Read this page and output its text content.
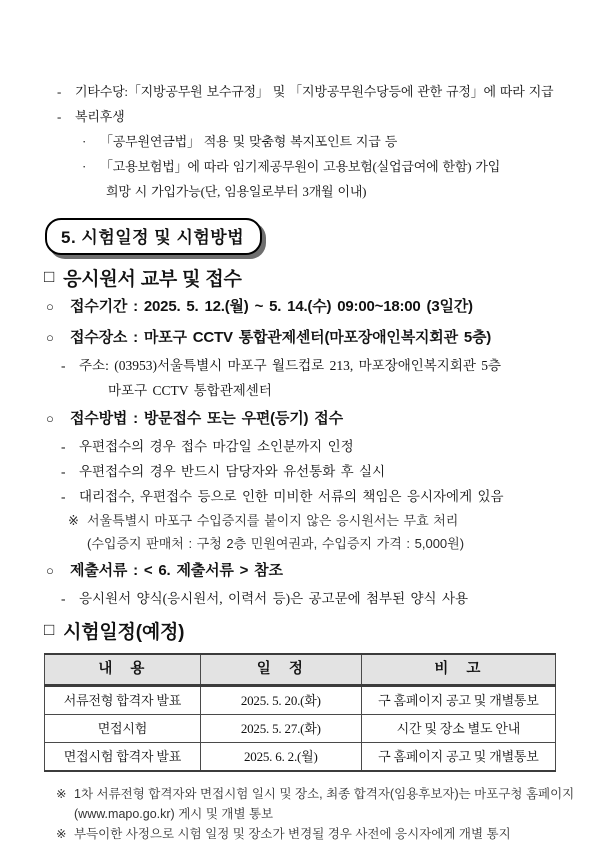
-	기타수당:「지방공무원 보수규정」 및 「지방공무원수당등에 관한 규정」에 따라 지급
-	복리후생
·	「공무원연금법」 적용 및 맞춤형 복지포인트 지급 등
·	「고용보험법」에 따라 임기제공무원이 고용보험(실업급여에 한함) 가입
희망 시 가입가능(단, 임용일로부터 3개월 이내)
5. 시험일정 및 시험방법
□ 응시원서 교부 및 접수
○	접수기간 : 2025. 5. 12.(월) ~ 5. 14.(수) 09:00~18:00 (3일간)
○	접수장소 : 마포구 CCTV 통합관제센터(마포장애인복지회관 5층)
-	주소: (03953)서울특별시 마포구 월드컵로 213, 마포장애인복지회관 5층
마포구 CCTV 통합관제센터
○	접수방법 : 방문접수 또는 우편(등기) 접수
-	우편접수의 경우 접수 마감일 소인분까지 인정
-	우편접수의 경우 반드시 담당자와 유선통화 후 실시
-	대리접수, 우편접수 등으로 인한 미비한 서류의 책임은 응시자에게 있음
※ 서울특별시 마포구 수입증지를 붙이지 않은 응시원서는 무효 처리
(수입증지 판매처 : 구청 2층 민원여권과, 수입증지 가격 : 5,000원)
○	제출서류 : < 6. 제출서류 > 참조
-	응시원서 양식(응시원서, 이력서 등)은 공고문에 첨부된 양식 사용
□ 시험일정(예정)
내 용	일 정	비 고
서류전형 합격자 발표	2025. 5. 20.(화)	구 홈페이지 공고 및 개별통보
면접시험	2025. 5. 27.(화)	시간 및 장소 별도 안내
면접시험 합격자 발표	2025. 6. 2.(월)	구 홈페이지 공고 및 개별통보
※ 1차 서류전형 합격자와 면접시험 일시 및 장소, 최종 합격자(임용후보자)는 마포구청 홈페이지
(www.mapo.go.kr) 게시 및 개별 통보
※ 부득이한 사정으로 시험 일정 및 장소가 변경될 경우 사전에 응시자에게 개별 통지
